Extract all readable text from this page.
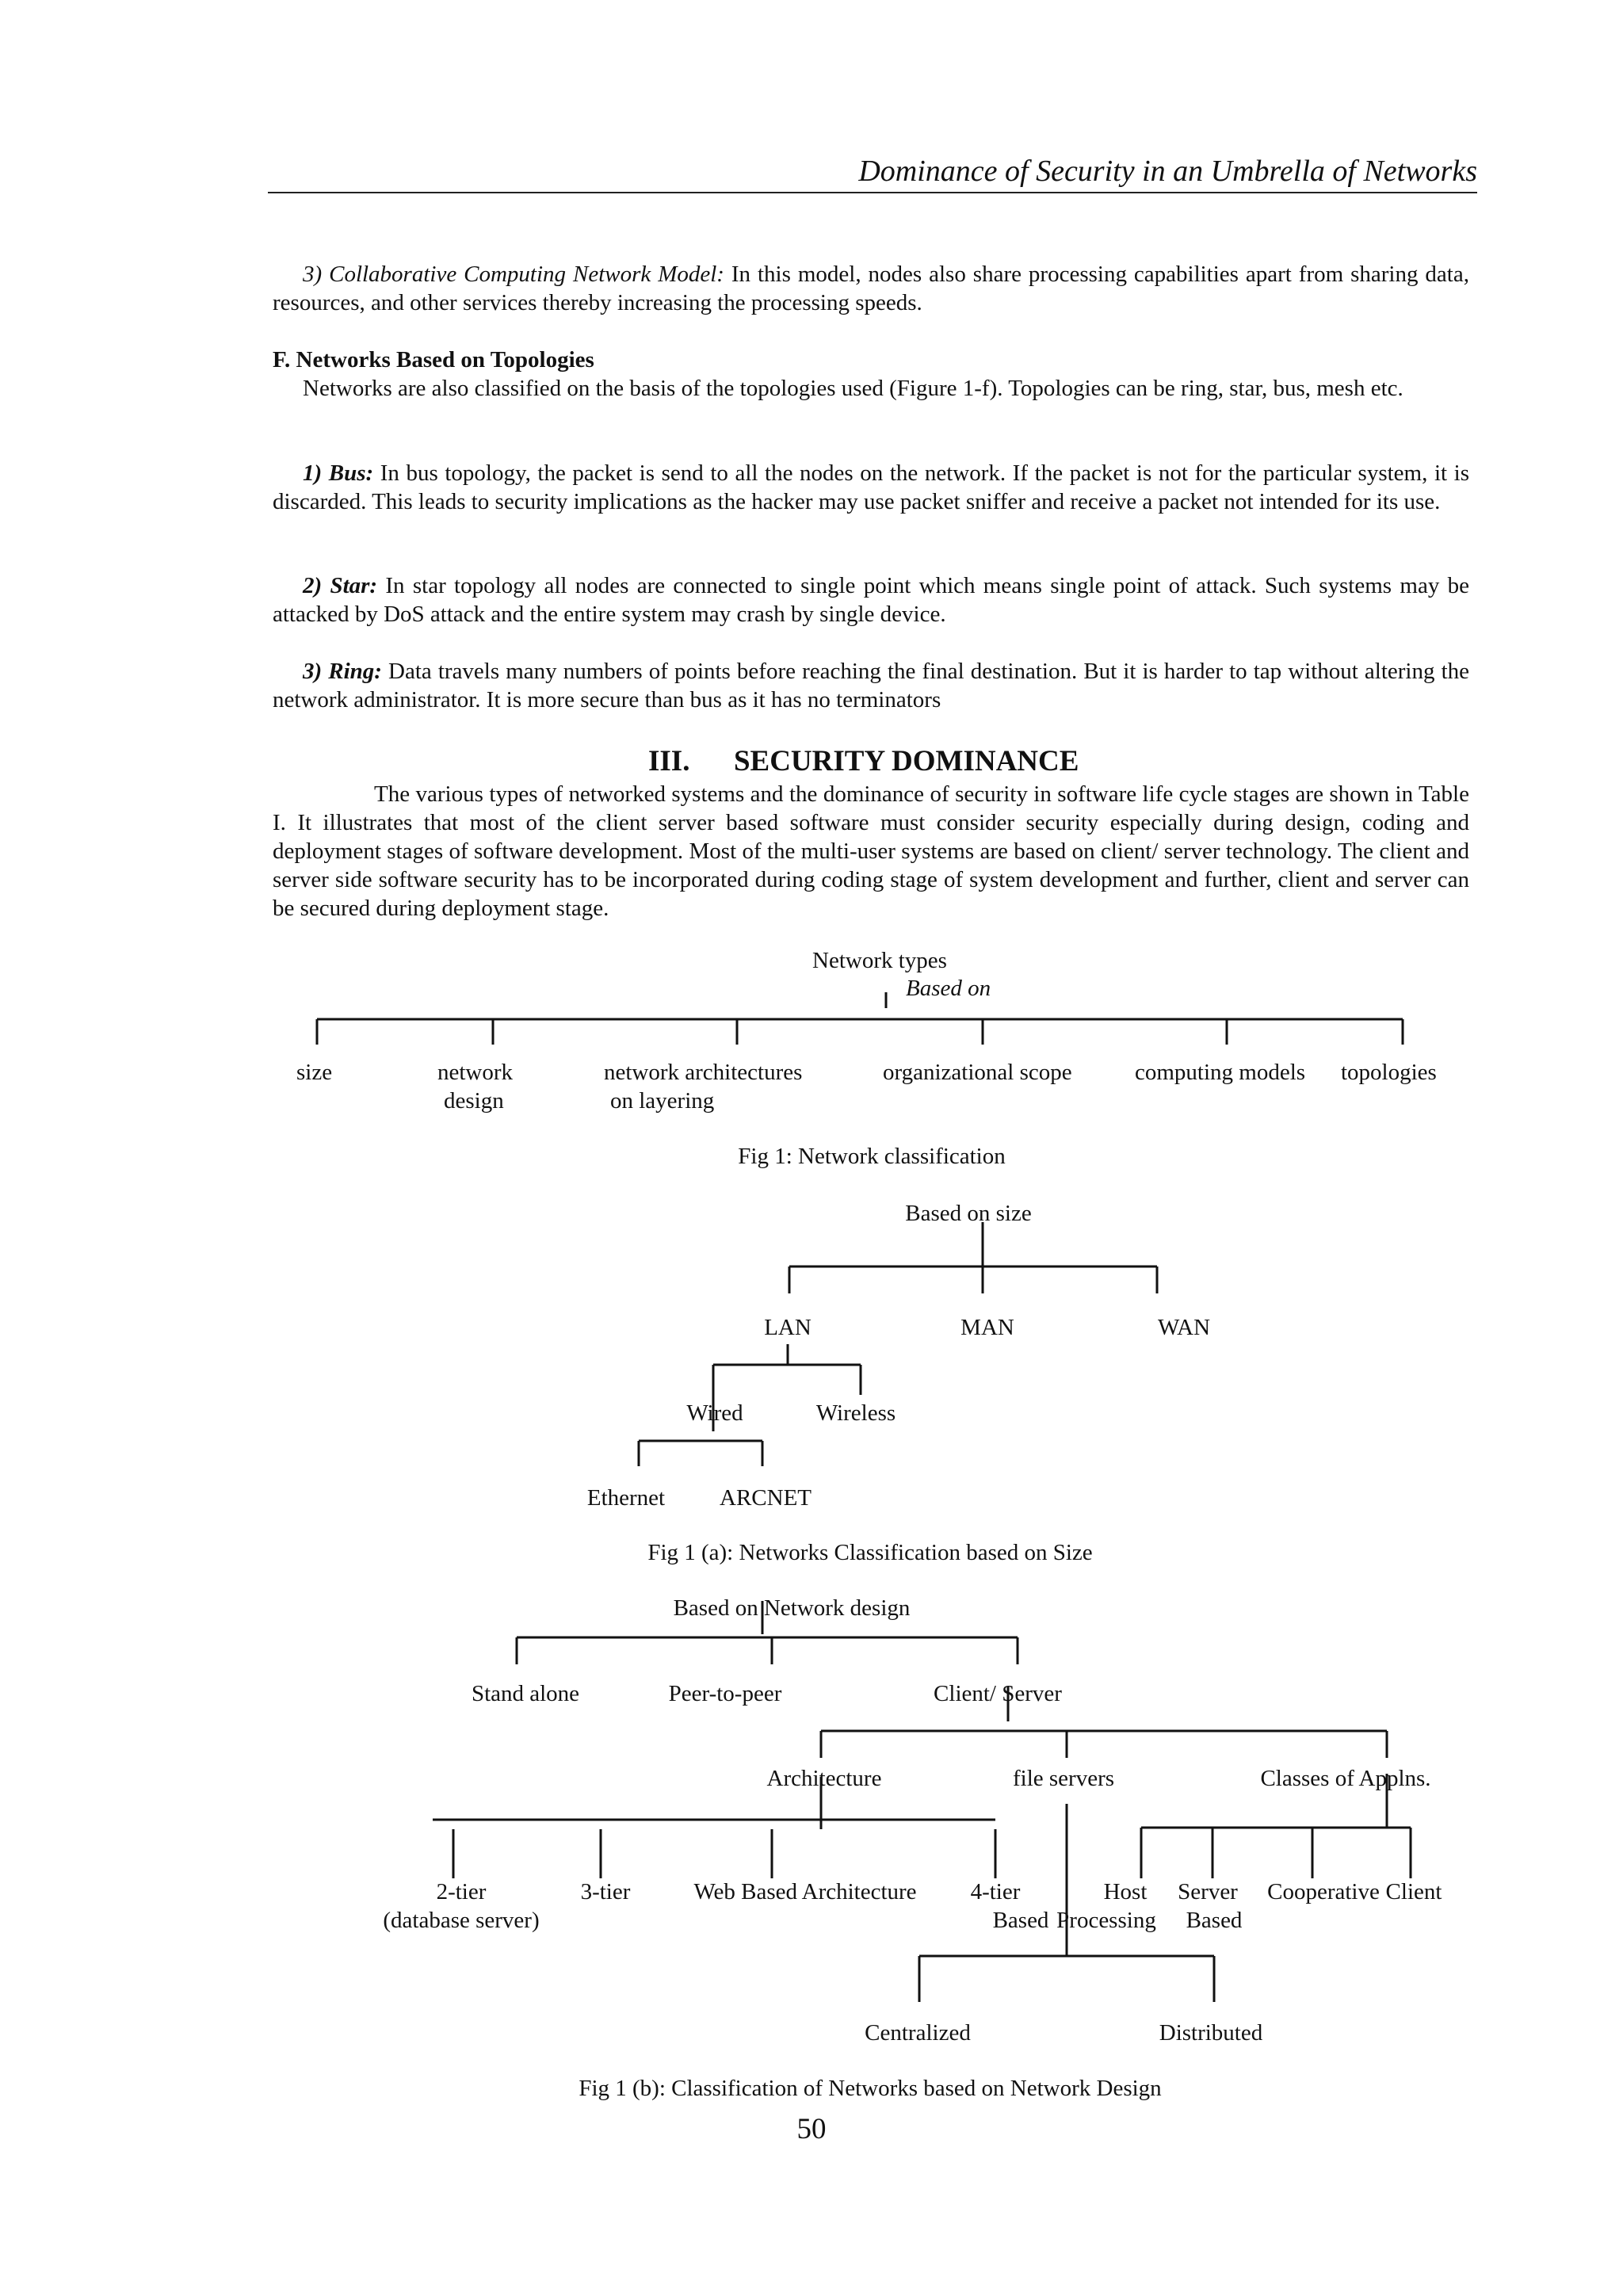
Dominance of Security in an Umbrella of Networks
3) Collaborative Computing Network Model: In this model, nodes also share processing capabilities apart from sharing data, resources, and other services thereby increasing the processing speeds.
F. Networks Based on Topologies
Networks are also classified on the basis of the topologies used (Figure 1-f). Topologies can be ring, star, bus, mesh etc.
1) Bus: In bus topology, the packet is send to all the nodes on the network. If the packet is not for the particular system, it is discarded. This leads to security implications as the hacker may use packet sniffer and receive a packet not intended for its use.
2) Star: In star topology all nodes are connected to single point which means single point of attack. Such systems may be attacked by DoS attack and the entire system may crash by single device.
3) Ring: Data travels many numbers of points before reaching the final destination. But it is harder to tap without altering the network administrator. It is more secure than bus as it has no terminators
III.      SECURITY DOMINANCE
The various types of networked systems and the dominance of security in software life cycle stages are shown in Table I. It illustrates that most of the client server based software must consider security especially during design, coding and deployment stages of software development. Most of the multi-user systems are based on client/ server technology. The client and server side software security has to be incorporated during coding stage of system development and further, client and server can be secured during deployment stage.
Network types
Based on
size	network
design
network architectures
on layering
organizational scope	computing models topologies
Fig 1: Network classification
Based on size
LAN	MAN	WAN
Wired	Wireless
Ethernet ARCNET
Fig 1 (a): Networks Classification based on Size
Based on Network design
Stand alone	Peer-to-peer	Client/ Server
Architecture	file servers	Classes of Applns.
2-tier
(database server)
3-tier	Web Based Architecture 4-tier	Host
Based
Server
Processing
Cooperative
Based
Client
Centralized	Distributed
Fig 1 (b): Classification of Networks based on Network Design
50
